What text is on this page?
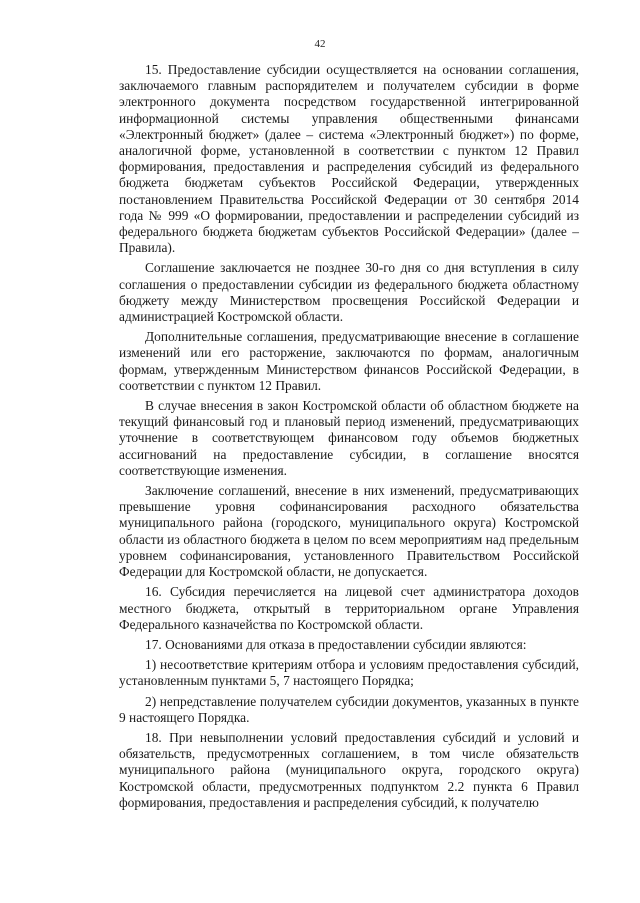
42

15. Предоставление субсидии осуществляется на основании соглашения, заключаемого главным распорядителем и получателем субсидии в форме электронного документа посредством государственной интегрированной информационной системы управления общественными финансами «Электронный бюджет» (далее – система «Электронный бюджет») по форме, аналогичной форме, установленной в соответствии с пунктом 12 Правил формирования, предоставления и распределения субсидий из федерального бюджета бюджетам субъектов Российской Федерации, утвержденных постановлением Правительства Российской Федерации от 30 сентября 2014 года № 999 «О формировании, предоставлении и распределении субсидий из федерального бюджета бюджетам субъектов Российской Федерации» (далее – Правила).

Соглашение заключается не позднее 30-го дня со дня вступления в силу соглашения о предоставлении субсидии из федерального бюджета областному бюджету между Министерством просвещения Российской Федерации и администрацией Костромской области.

Дополнительные соглашения, предусматривающие внесение в соглашение изменений или его расторжение, заключаются по формам, аналогичным формам, утвержденным Министерством финансов Российской Федерации, в соответствии с пунктом 12 Правил.

В случае внесения в закон Костромской области об областном бюджете на текущий финансовый год и плановый период изменений, предусматривающих уточнение в соответствующем финансовом году объемов бюджетных ассигнований на предоставление субсидии, в соглашение вносятся соответствующие изменения.

Заключение соглашений, внесение в них изменений, предусматривающих превышение уровня софинансирования расходного обязательства муниципального района (городского, муниципального округа) Костромской области из областного бюджета в целом по всем мероприятиям над предельным уровнем софинансирования, установленного Правительством Российской Федерации для Костромской области, не допускается.

16. Субсидия перечисляется на лицевой счет администратора доходов местного бюджета, открытый в территориальном органе Управления Федерального казначейства по Костромской области.

17. Основаниями для отказа в предоставлении субсидии являются:

1) несоответствие критериям отбора и условиям предоставления субсидий, установленным пунктами 5, 7 настоящего Порядка;

2) непредставление получателем субсидии документов, указанных в пункте 9 настоящего Порядка.

18. При невыполнении условий предоставления субсидий и условий и обязательств, предусмотренных соглашением, в том числе обязательств муниципального района (муниципального округа, городского округа) Костромской области, предусмотренных подпунктом 2.2 пункта 6 Правил формирования, предоставления и распределения субсидий, к получателю
